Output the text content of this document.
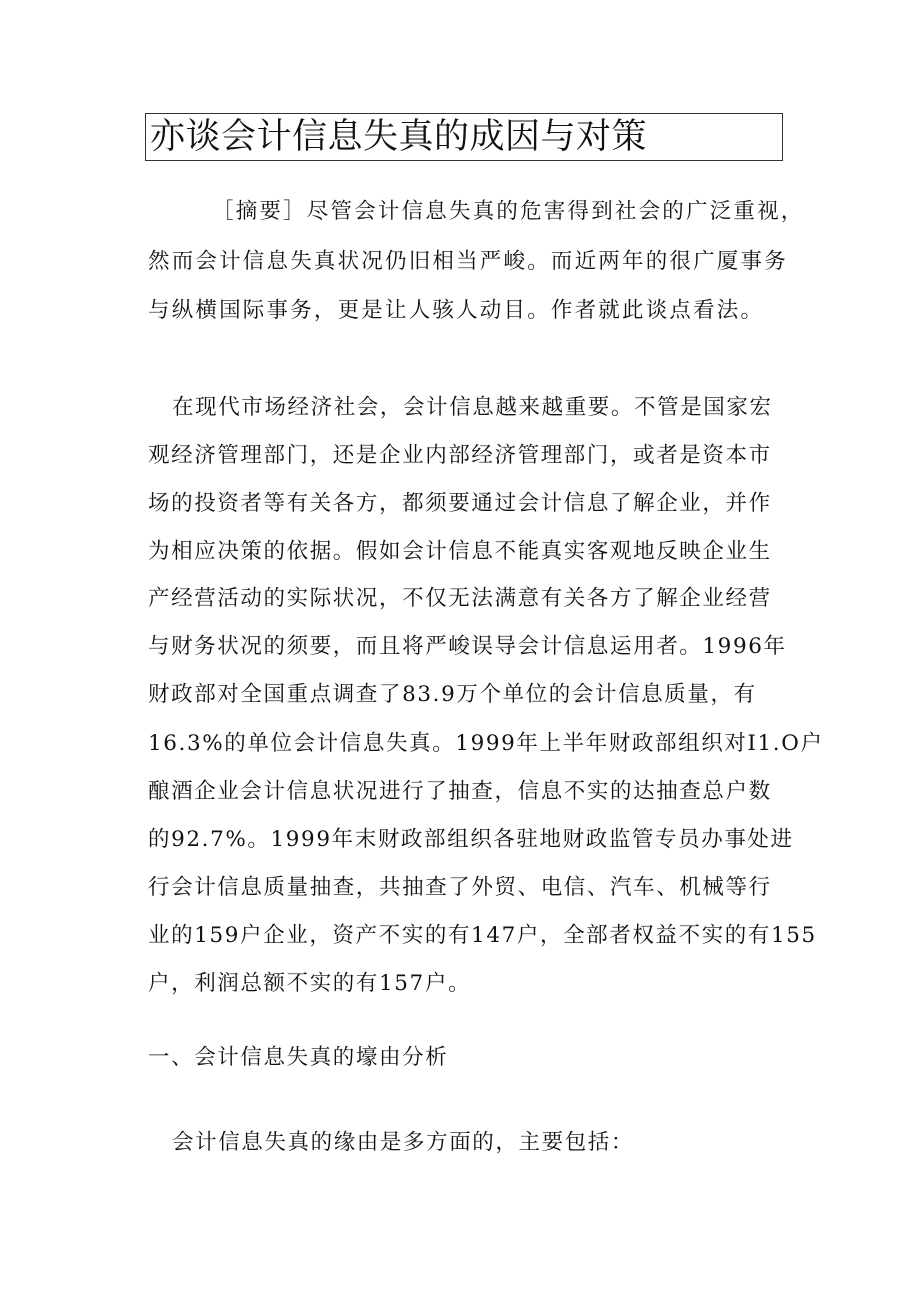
亦谈会计信息失真的成因与对策
［摘要］尽管会计信息失真的危害得到社会的广泛重视，
然而会计信息失真状况仍旧相当严峻。而近两年的很广厦事务
与纵横国际事务，更是让人骇人动目。作者就此谈点看法。
在现代市场经济社会，会计信息越来越重要。不管是国家宏
观经济管理部门，还是企业内部经济管理部门，或者是资本市
场的投资者等有关各方，都须要通过会计信息了解企业，并作
为相应决策的依据。假如会计信息不能真实客观地反映企业生
产经营活动的实际状况，不仅无法满意有关各方了解企业经营
与财务状况的须要，而且将严峻误导会计信息运用者。1996年
财政部对全国重点调查了83.9万个单位的会计信息质量，有
16.3%的单位会计信息失真。1999年上半年财政部组织对I1.O户
酿酒企业会计信息状况进行了抽查，信息不实的达抽查总户数
的92.7%。1999年末财政部组织各驻地财政监管专员办事处进
行会计信息质量抽查，共抽查了外贸、电信、汽车、机械等行
业的159户企业，资产不实的有147户，全部者权益不实的有155
户，利润总额不实的有157户。
一、会计信息失真的壕由分析
会计信息失真的缘由是多方面的，主要包括：
